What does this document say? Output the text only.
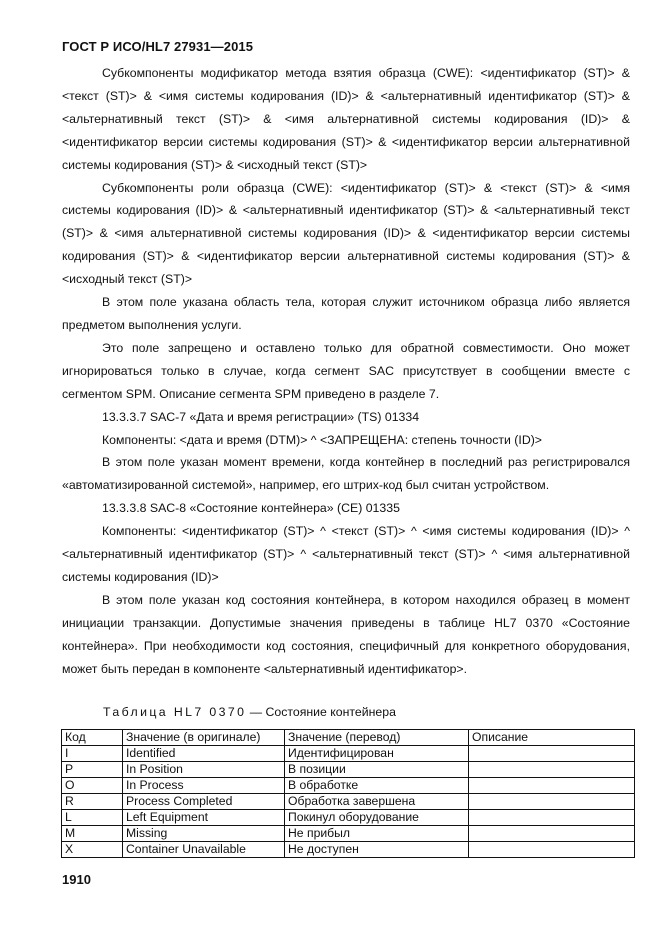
ГОСТ Р ИСО/HL7 27931—2015

Субкомпоненты модификатор метода взятия образца (CWE): <идентификатор (ST)> & <текст (ST)> & <имя системы кодирования (ID)> & <альтернативный идентификатор (ST)> & <альтернативный текст (ST)> & <имя альтернативной системы кодирования (ID)> & <идентификатор версии системы кодирования (ST)> & <идентификатор версии альтернативной системы кодирования (ST)> & <исходный текст (ST)>

Субкомпоненты роли образца (CWE): <идентификатор (ST)> & <текст (ST)> & <имя системы кодирования (ID)> & <альтернативный идентификатор (ST)> & <альтернативный текст (ST)> & <имя альтернативной системы кодирования (ID)> & <идентификатор версии системы кодирования (ST)> & <идентификатор версии альтернативной системы кодирования (ST)> & <исходный текст (ST)>

В этом поле указана область тела, которая служит источником образца либо является предметом выполнения услуги.

Это поле запрещено и оставлено только для обратной совместимости. Оно может игнорироваться только в случае, когда сегмент SAC присутствует в сообщении вместе с сегментом SPM. Описание сегмента SPM приведено в разделе 7.

13.3.3.7 SAC-7 «Дата и время регистрации» (TS) 01334

Компоненты: <дата и время (DTM)> ^ <ЗАПРЕЩЕНА: степень точности (ID)>

В этом поле указан момент времени, когда контейнер в последний раз регистрировался «автоматизированной системой», например, его штрих-код был считан устройством.

13.3.3.8 SAC-8 «Состояние контейнера» (CE) 01335

Компоненты: <идентификатор (ST)> ^ <текст (ST)> ^ <имя системы кодирования (ID)> ^ <альтернативный идентификатор (ST)> ^ <альтернативный текст (ST)> ^ <имя альтернативной системы кодирования (ID)>

В этом поле указан код состояния контейнера, в котором находился образец в момент инициации транзакции. Допустимые значения приведены в таблице HL7 0370 «Состояние контейнера». При необходимости код состояния, специфичный для конкретного оборудования, может быть передан в компоненте <альтернативный идентификатор>.

Таблица HL7 0370 — Состояние контейнера
Код	Значение (в оригинале)	Значение (перевод)	Описание
I	Identified	Идентифицирован	
P	In Position	В позиции	
O	In Process	В обработке	
R	Process Completed	Обработка завершена	
L	Left Equipment	Покинул оборудование	
M	Missing	Не прибыл	
X	Container Unavailable	Не доступен	
1910
